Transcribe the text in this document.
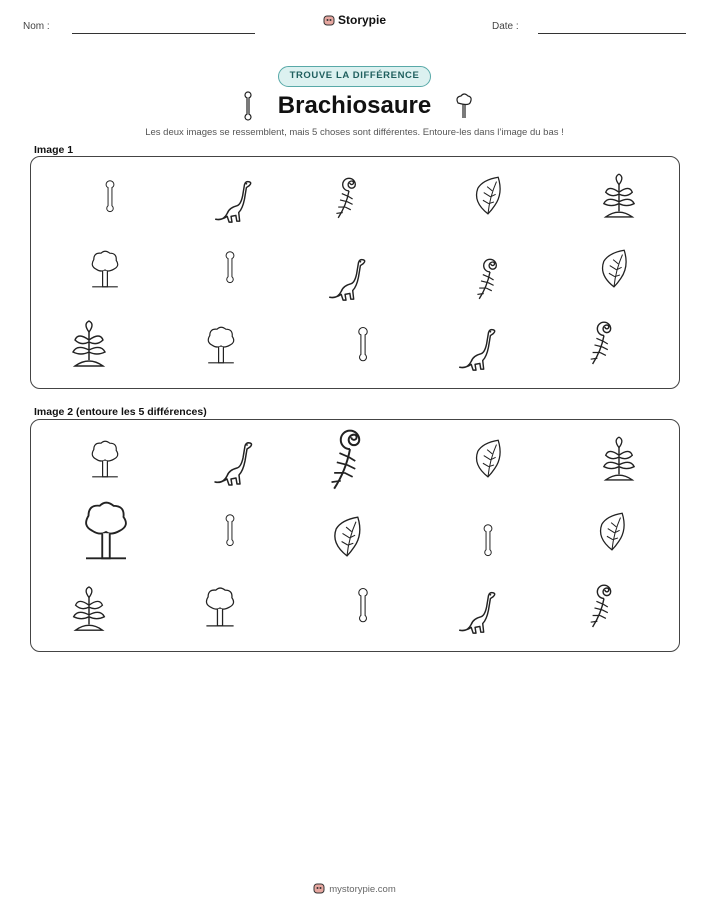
Nom :	Storypie	Date :
TROUVE LA DIFFÉRENCE
Brachiosaure
Les deux images se ressemblent, mais 5 choses sont différentes. Entoure-les dans l’image du bas !
Image 1
Image 2 (entoure les 5 différences)
mystorypie.com
